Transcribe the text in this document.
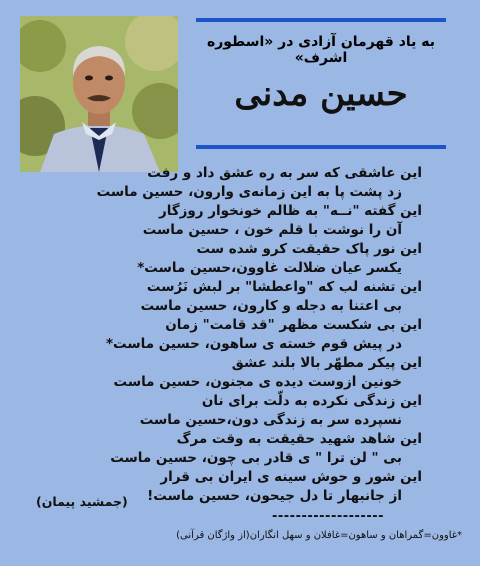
به یاد قهرمان آزادی در «اسطوره اشرف»
حسین مدنی
این عاشقی که سر به ره عشق داد و رفت
زد پشت پا به این زمانه‌ی وارون، حسین ماست
این گفته "نــه" به ظالم خونخوار روزگار
آن را نوشت با قلم خون ، حسین ماست
این نور پاک حقیقت کرو شده ست
یکسر عیان ضلالت غاوون،حسین ماست*
این تشنه لب که "واعطشا" بر لبش نَرُست
بی اعتنا به دجله و کارون، حسین ماست
این بی شکست مظهر "قد قامت" زمان
در پیش قوم خسته ی ساهون، حسین ماست*
این پیکر مطهّر بالا بلند عشق
خونین ازوست دیده ی مجنون، حسین ماست
این زندگی نکرده به دلّت برای نان
نسپرده سر به زندگی دون،حسین ماست
این شاهد شهید حقیقت به وقت مرگ
بی " لن ترا " ی قادر بی چون، حسین ماست
این شور و حوش سینه ی ایران بی قرار
از جانبهار تا دل جیحون، حسین ماست!
(جمشید پیمان)
-------------------
*غاوون=گمراهان و ساهون=غافلان و سهل انگاران(از واژگان قرآنی)
